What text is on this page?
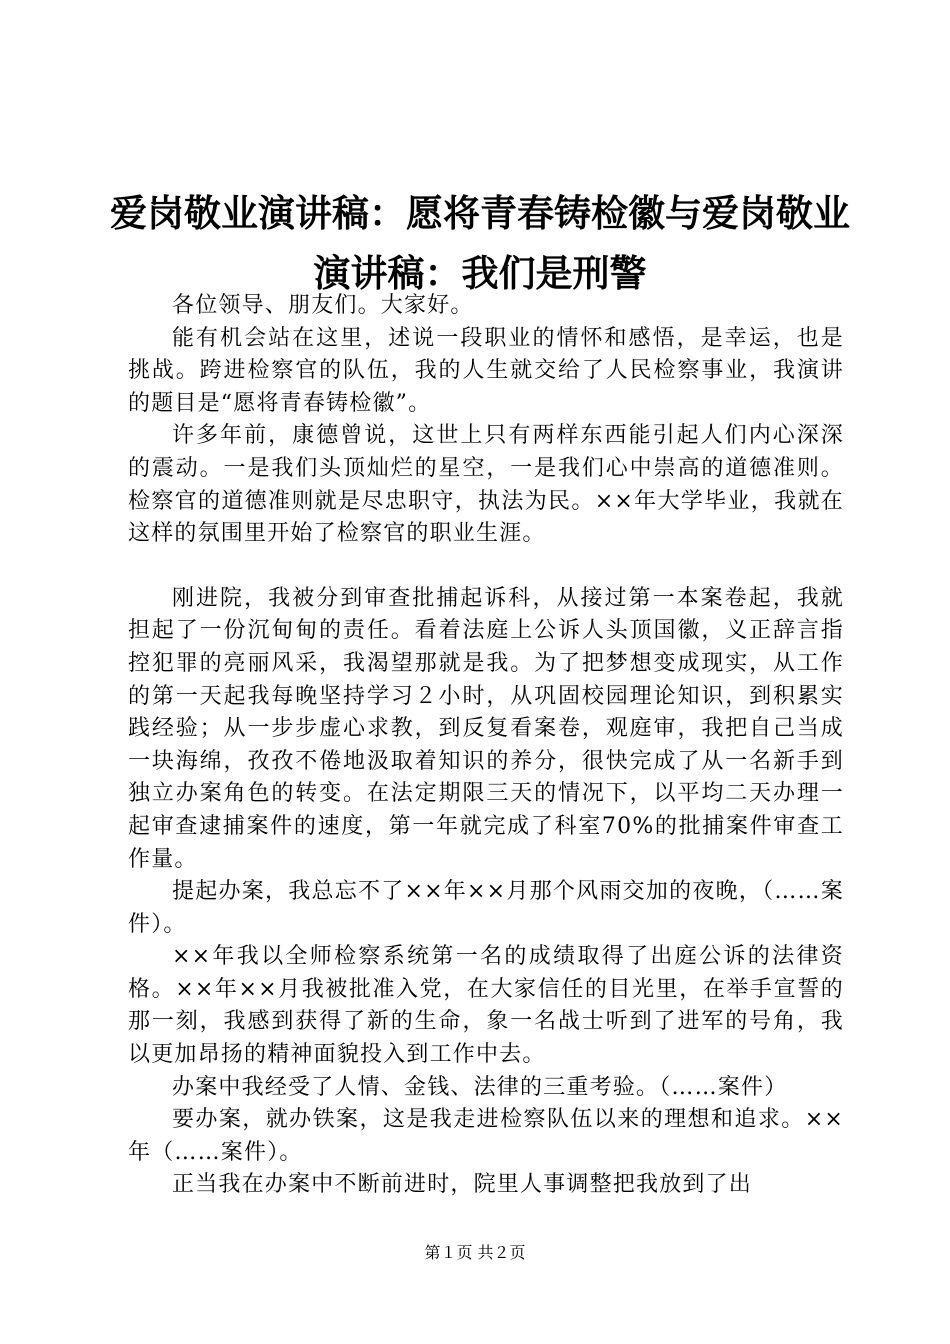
爱岗敬业演讲稿：愿将青春铸检徽与爱岗敬业
演讲稿：我们是刑警

各位领导、朋友们。大家好。

能有机会站在这里，述说一段职业的情怀和感悟，是幸运，也是挑战。跨进检察官的队伍，我的人生就交给了人民检察事业，我演讲的题目是“愿将青春铸检徽”。

许多年前，康德曾说，这世上只有两样东西能引起人们内心深深的震动。一是我们头顶灿烂的星空，一是我们心中崇高的道德准则。检察官的道德准则就是尽忠职守，执法为民。××年大学毕业，我就在这样的氛围里开始了检察官的职业生涯。

刚进院，我被分到审查批捕起诉科，从接过第一本案卷起，我就担起了一份沉甸甸的责任。看着法庭上公诉人头顶国徽，义正辞言指控犯罪的亮丽风采，我渴望那就是我。为了把梦想变成现实，从工作的第一天起我每晚坚持学习２小时，从巩固校园理论知识，到积累实践经验；从一步步虚心求教，到反复看案卷，观庭审，我把自己当成一块海绵，孜孜不倦地汲取着知识的养分，很快完成了从一名新手到独立办案角色的转变。在法定期限三天的情况下，以平均二天办理一起审查逮捕案件的速度，第一年就完成了科室70%的批捕案件审查工作量。

提起办案，我总忘不了××年××月那个风雨交加的夜晚，（……案件）。

××年我以全师检察系统第一名的成绩取得了出庭公诉的法律资格。××年××月我被批准入党，在大家信任的目光里，在举手宣誓的那一刻，我感到获得了新的生命，象一名战士听到了进军的号角，我以更加昂扬的精神面貌投入到工作中去。

办案中我经受了人情、金钱、法律的三重考验。（……案件）

要办案，就办铁案，这是我走进检察队伍以来的理想和追求。××年（……案件）。

正当我在办案中不断前进时，院里人事调整把我放到了出

第１页 共２页
